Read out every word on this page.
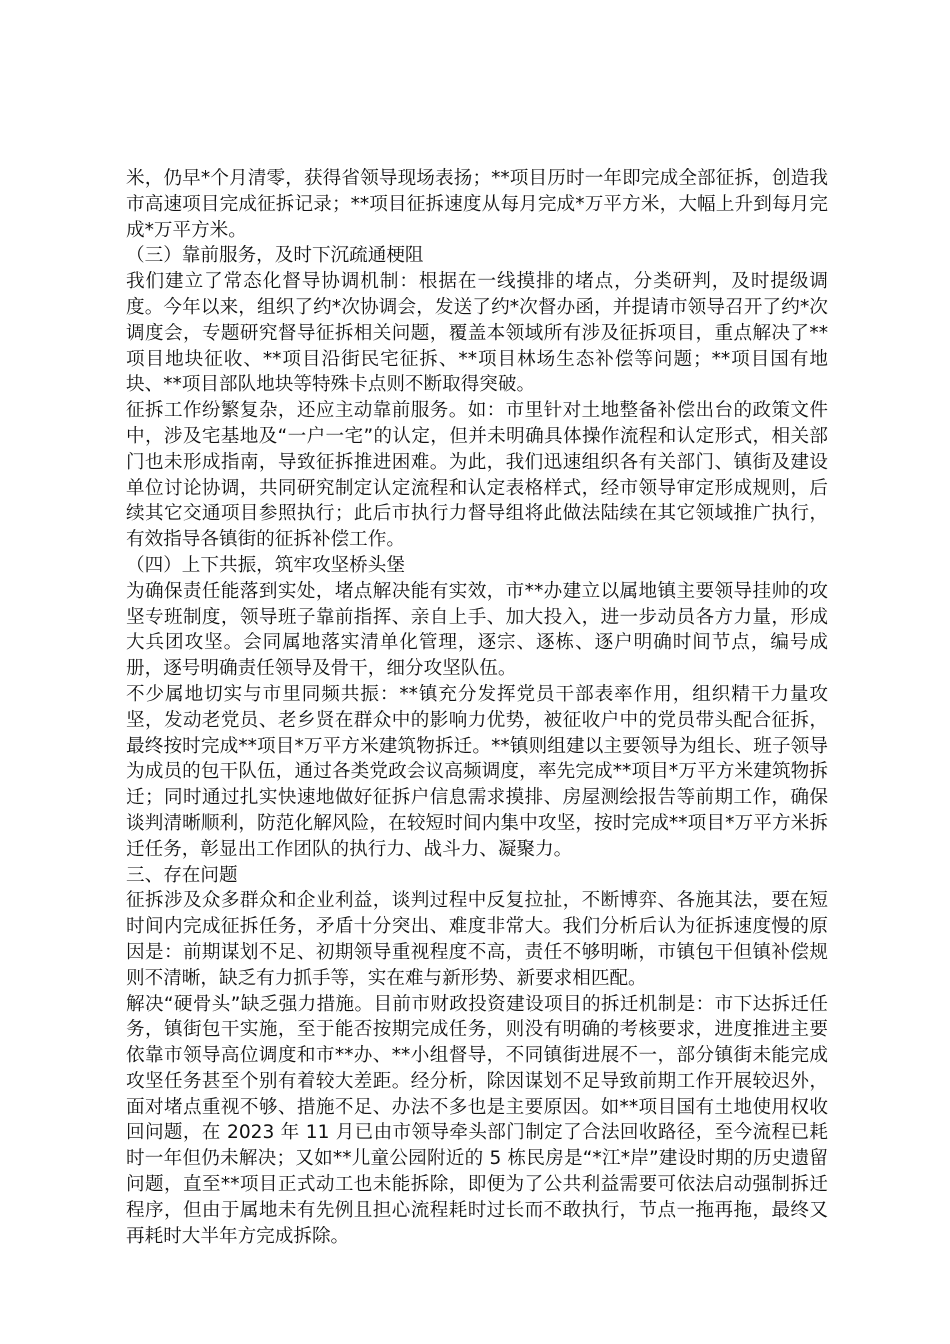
米，仍早*个月清零，获得省领导现场表扬；**项目历时一年即完成全部征拆，创造我市高速项目完成征拆记录；**项目征拆速度从每月完成*万平方米，大幅上升到每月完成*万平方米。

（三）靠前服务，及时下沉疏通梗阻

我们建立了常态化督导协调机制：根据在一线摸排的堵点，分类研判，及时提级调度。今年以来，组织了约*次协调会，发送了约*次督办函，并提请市领导召开了约*次调度会，专题研究督导征拆相关问题，覆盖本领域所有涉及征拆项目，重点解决了**项目地块征收、**项目沿街民宅征拆、**项目林场生态补偿等问题；**项目国有地块、**项目部队地块等特殊卡点则不断取得突破。

征拆工作纷繁复杂，还应主动靠前服务。如：市里针对土地整备补偿出台的政策文件中，涉及宅基地及“一户一宅”的认定，但并未明确具体操作流程和认定形式，相关部门也未形成指南，导致征拆推进困难。为此，我们迅速组织各有关部门、镇街及建设单位讨论协调，共同研究制定认定流程和认定表格样式，经市领导审定形成规则，后续其它交通项目参照执行；此后市执行力督导组将此做法陆续在其它领域推广执行，有效指导各镇街的征拆补偿工作。

（四）上下共振，筑牢攻坚桥头堡

为确保责任能落到实处，堵点解决能有实效，市**办建立以属地镇主要领导挂帅的攻坚专班制度，领导班子靠前指挥、亲自上手、加大投入，进一步动员各方力量，形成大兵团攻坚。会同属地落实清单化管理，逐宗、逐栋、逐户明确时间节点，编号成册，逐号明确责任领导及骨干，细分攻坚队伍。

不少属地切实与市里同频共振：**镇充分发挥党员干部表率作用，组织精干力量攻坚，发动老党员、老乡贤在群众中的影响力优势，被征收户中的党员带头配合征拆，最终按时完成**项目*万平方米建筑物拆迁。**镇则组建以主要领导为组长、班子领导为成员的包干队伍，通过各类党政会议高频调度，率先完成**项目*万平方米建筑物拆迁；同时通过扎实快速地做好征拆户信息需求摸排、房屋测绘报告等前期工作，确保谈判清晰顺利，防范化解风险，在较短时间内集中攻坚，按时完成**项目*万平方米拆迁任务，彰显出工作团队的执行力、战斗力、凝聚力。

三、存在问题

征拆涉及众多群众和企业利益，谈判过程中反复拉扯，不断博弈、各施其法，要在短时间内完成征拆任务，矛盾十分突出、难度非常大。我们分析后认为征拆速度慢的原因是：前期谋划不足、初期领导重视程度不高，责任不够明晰，市镇包干但镇补偿规则不清晰，缺乏有力抓手等，实在难与新形势、新要求相匹配。

解决“硬骨头”缺乏强力措施。目前市财政投资建设项目的拆迁机制是：市下达拆迁任务，镇街包干实施，至于能否按期完成任务，则没有明确的考核要求，进度推进主要依靠市领导高位调度和市**办、**小组督导，不同镇街进展不一，部分镇街未能完成攻坚任务甚至个别有着较大差距。经分析，除因谋划不足导致前期工作开展较迟外，面对堵点重视不够、措施不足、办法不多也是主要原因。如**项目国有土地使用权收回问题，在 2023 年 11 月已由市领导牵头部门制定了合法回收路径，至今流程已耗时一年但仍未解决；又如**儿童公园附近的 5 栋民房是“*江*岸”建设时期的历史遗留问题，直至**项目正式动工也未能拆除，即便为了公共利益需要可依法启动强制拆迁程序，但由于属地未有先例且担心流程耗时过长而不敢执行，节点一拖再拖，最终又再耗时大半年方完成拆除。
